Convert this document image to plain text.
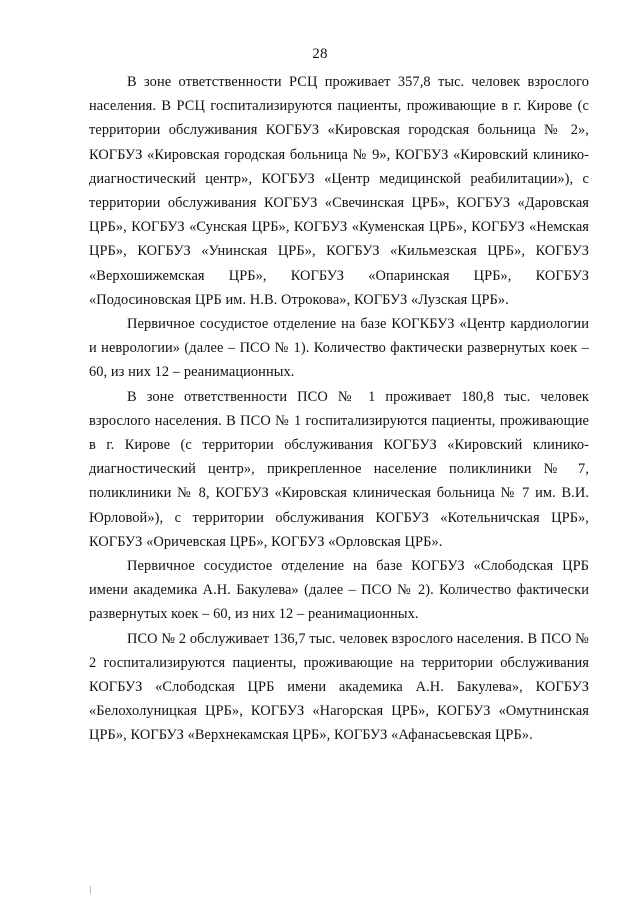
28

В зоне ответственности РСЦ проживает 357,8 тыс. человек взрослого населения. В РСЦ госпитализируются пациенты, проживающие в г. Кирове (с территории обслуживания КОГБУЗ «Кировская городская больница № 2», КОГБУЗ «Кировская городская больница № 9», КОГБУЗ «Кировский клинико-диагностический центр», КОГБУЗ «Центр медицинской реабилитации»), с территории обслуживания КОГБУЗ «Свечинская ЦРБ», КОГБУЗ «Даровская ЦРБ», КОГБУЗ «Сунская ЦРБ», КОГБУЗ «Куменская ЦРБ», КОГБУЗ «Немская ЦРБ», КОГБУЗ «Унинская ЦРБ», КОГБУЗ «Кильмезская ЦРБ», КОГБУЗ «Верхошижемская ЦРБ», КОГБУЗ «Опаринская ЦРБ», КОГБУЗ «Подосиновская ЦРБ им. Н.В. Отрокова», КОГБУЗ «Лузская ЦРБ».

Первичное сосудистое отделение на базе КОГКБУЗ «Центр кардиологии и неврологии» (далее – ПСО № 1). Количество фактически развернутых коек – 60, из них 12 – реанимационных.

В зоне ответственности ПСО № 1 проживает 180,8 тыс. человек взрослого населения. В ПСО № 1 госпитализируются пациенты, проживающие в г. Кирове (с территории обслуживания КОГБУЗ «Кировский клинико-диагностический центр», прикрепленное население поликлиники № 7, поликлиники № 8, КОГБУЗ «Кировская клиническая больница № 7 им. В.И. Юрловой»), с территории обслуживания КОГБУЗ «Котельничская ЦРБ», КОГБУЗ «Оричевская ЦРБ», КОГБУЗ «Орловская ЦРБ».

Первичное сосудистое отделение на базе КОГБУЗ «Слободская ЦРБ имени академика А.Н. Бакулева» (далее – ПСО № 2). Количество фактически развернутых коек – 60, из них 12 – реанимационных.

ПСО № 2 обслуживает 136,7 тыс. человек взрослого населения. В ПСО № 2 госпитализируются пациенты, проживающие на территории обслуживания КОГБУЗ «Слободская ЦРБ имени академика А.Н. Бакулева», КОГБУЗ «Белохолуницкая ЦРБ», КОГБУЗ «Нагорская ЦРБ», КОГБУЗ «Омутнинская ЦРБ», КОГБУЗ «Верхнекамская ЦРБ», КОГБУЗ «Афанасьевская ЦРБ».
